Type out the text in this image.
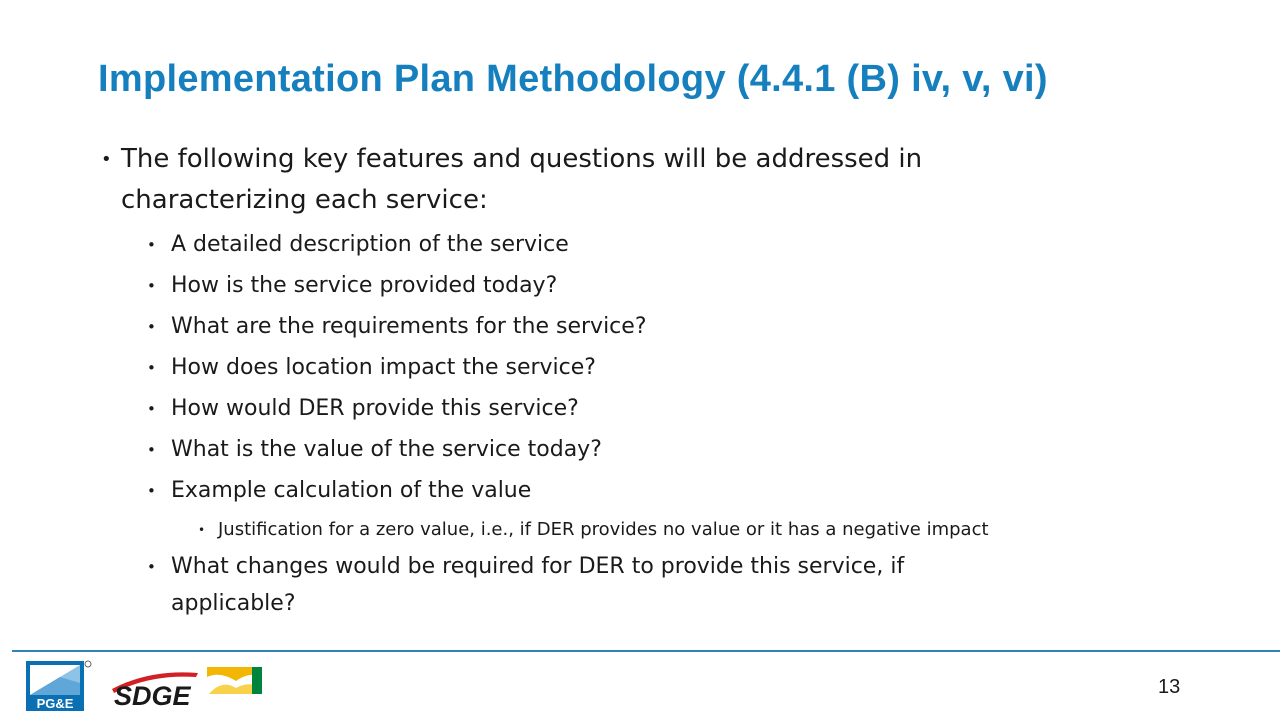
Implementation Plan Methodology (4.4.1 (B) iv, v, vi)
• The following key features and questions will be addressed in
characterizing each service:
• A detailed description of the service
• How is the service provided today?
• What are the requirements for the service?
• How does location impact the service?
• How would DER provide this service?
• What is the value of the service today?
• Example calculation of the value
• Justification for a zero value, i.e., if DER provides no value or it has a negative impact
• What changes would be required for DER to provide this service, if
applicable?
PG&E SDGE	13
